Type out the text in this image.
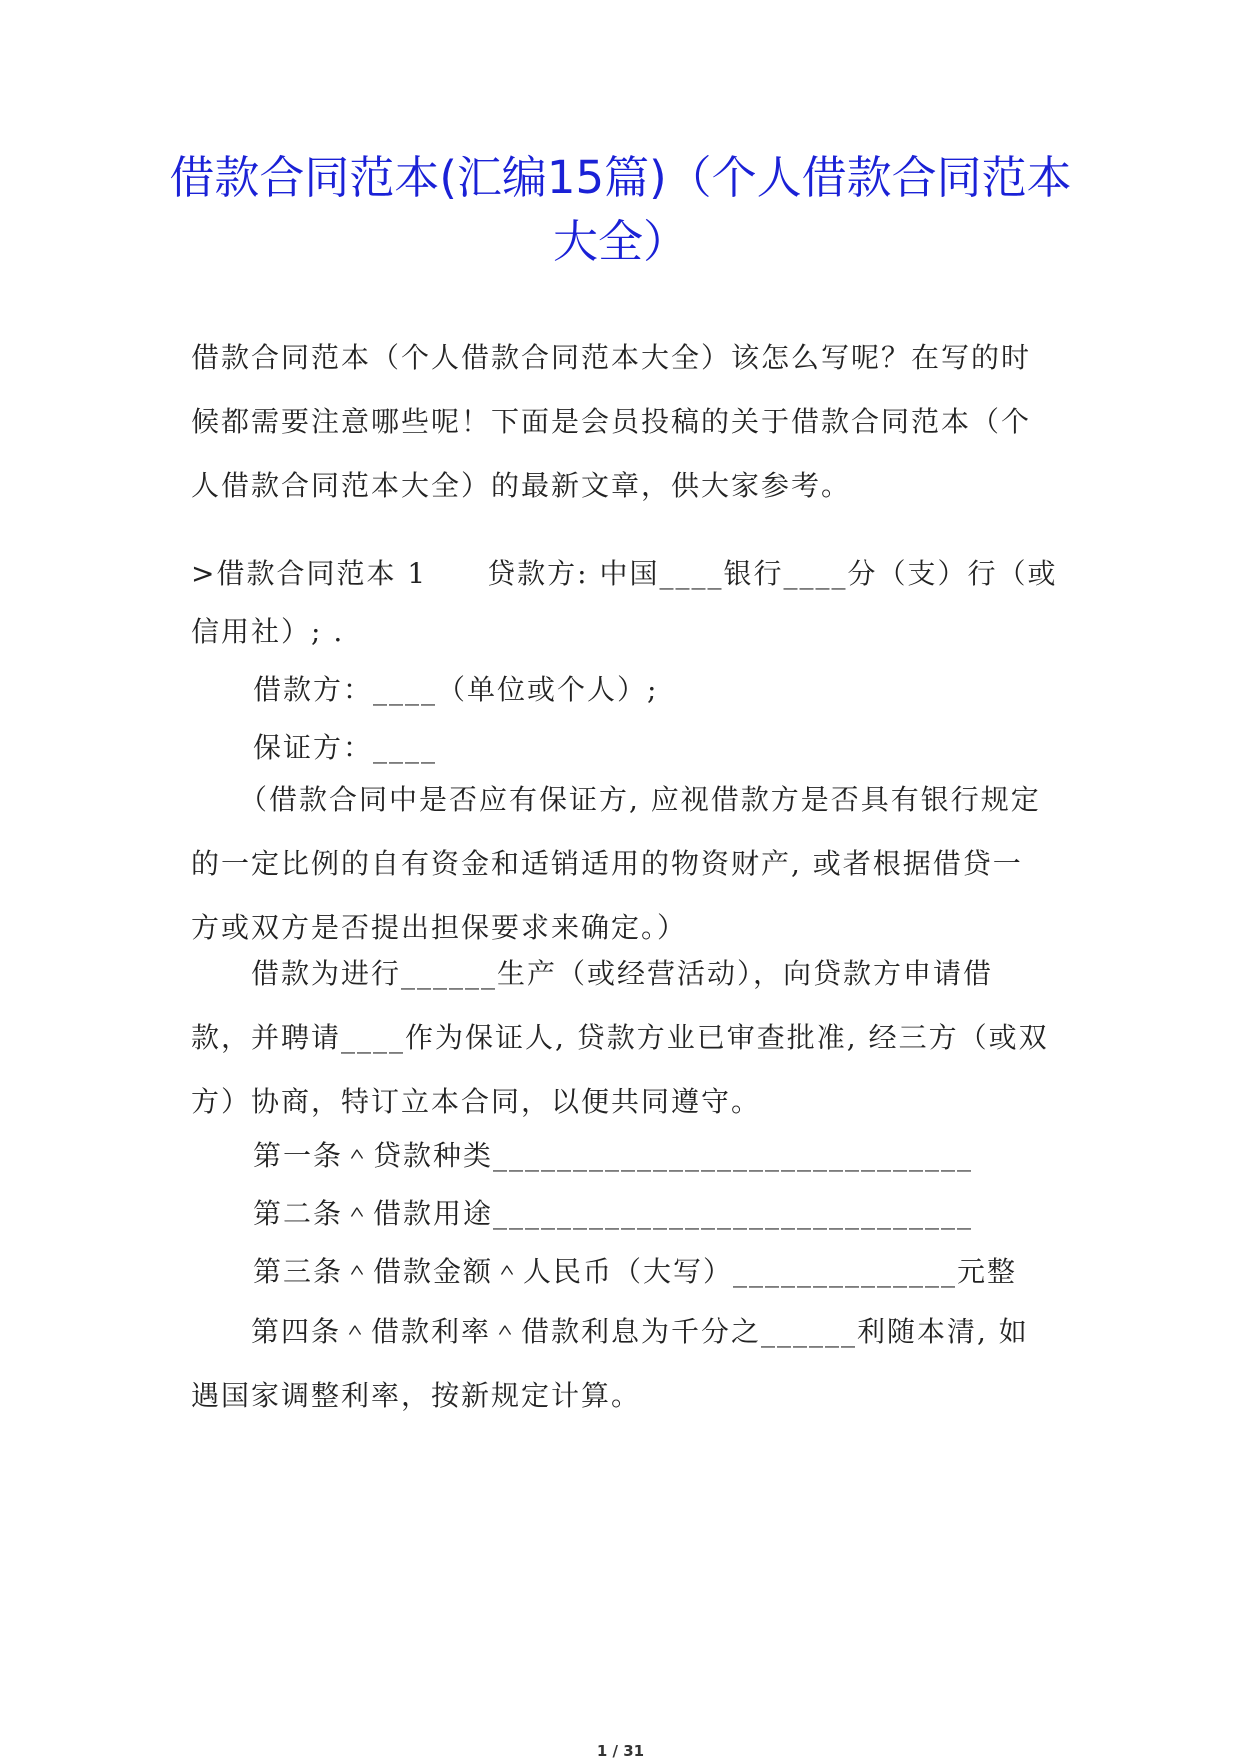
借款合同范本(汇编15篇)（个人借款合同范本大全）

借款合同范本（个人借款合同范本大全）该怎么写呢？在写的时候都需要注意哪些呢！下面是会员投稿的关于借款合同范本（个人借款合同范本大全）的最新文章，供大家参考。

>借款合同范本 1　　贷款方: 中国____银行____分（支）行（或

信用社）; .

借款方：____（单位或个人）;

保证方：____

（借款合同中是否应有保证方, 应视借款方是否具有银行规定的一定比例的自有资金和适销适用的物资财产, 或者根据借贷一方或双方是否提出担保要求来确定。）

借款为进行______生产（或经营活动），向贷款方申请借款，并聘请____作为保证人, 贷款方业已审查批准, 经三方（或双方）协商，特订立本合同，以便共同遵守。

第一条＾贷款种类______________________________

第二条＾借款用途______________________________

第三条＾借款金额＾人民币（大写）______________元整

第四条＾借款利率＾借款利息为千分之______利随本清, 如遇国家调整利率，按新规定计算。

1 / 31
